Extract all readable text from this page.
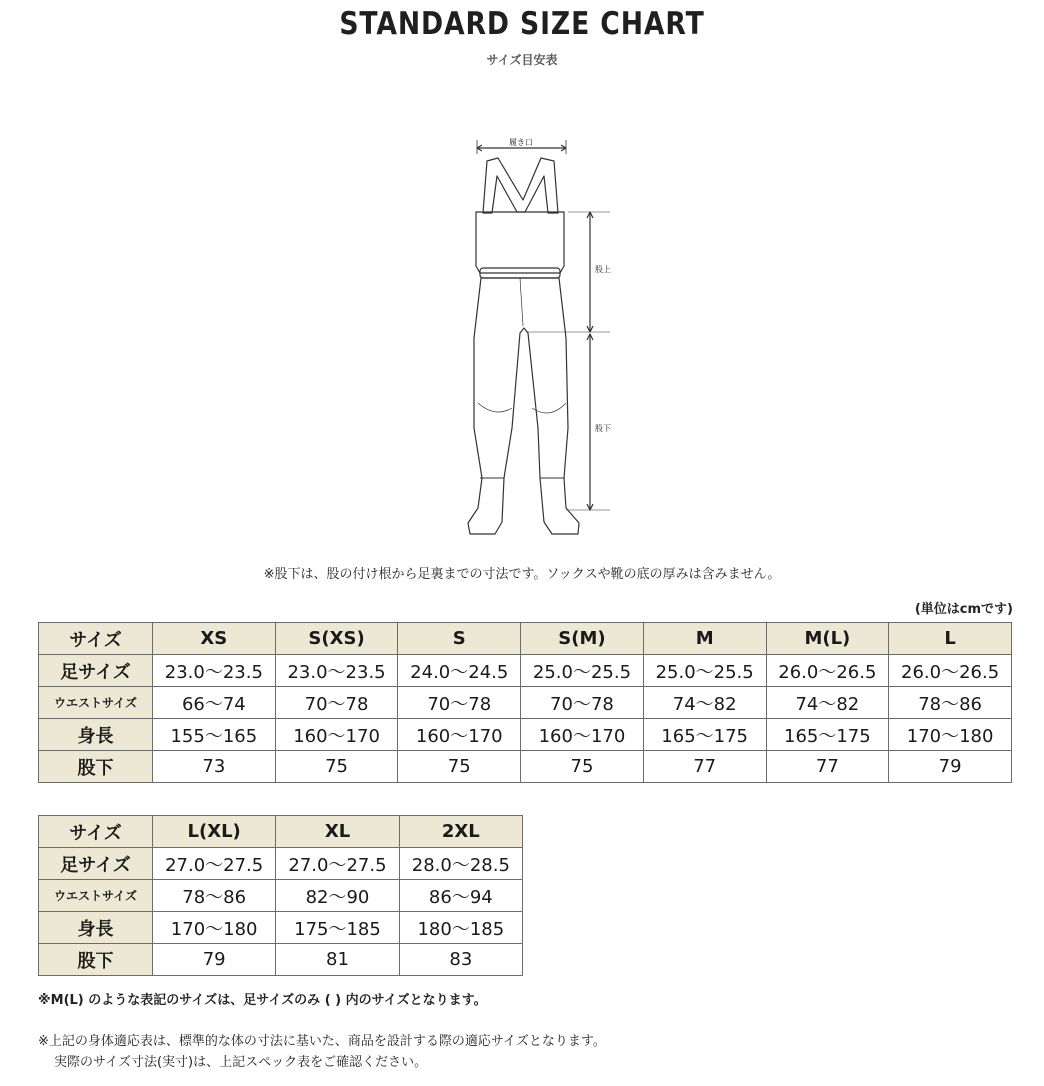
STANDARD SIZE CHART
サイズ目安表
履き口
股上
股下
※股下は、股の付け根から足裏までの寸法です。ソックスや靴の底の厚みは含みません。
(単位はcmです)
サイズ	XS	S(XS)	S	S(M)	M	M(L)	L
足サイズ	23.0〜23.5	23.0〜23.5	24.0〜24.5	25.0〜25.5	25.0〜25.5	26.0〜26.5	26.0〜26.5
ウエストサイズ	66〜74	70〜78	70〜78	70〜78	74〜82	74〜82	78〜86
身長	155〜165	160〜170	160〜170	160〜170	165〜175	165〜175	170〜180
股下	73	75	75	75	77	77	79
サイズ	L(XL)	XL	2XL
足サイズ	27.0〜27.5	27.0〜27.5	28.0〜28.5
ウエストサイズ	78〜86	82〜90	86〜94
身長	170〜180	175〜185	180〜185
股下	79	81	83
※M(L) のような表記のサイズは、足サイズのみ ( ) 内のサイズとなります。
※上記の身体適応表は、標準的な体の寸法に基いた、商品を設計する際の適応サイズとなります。
実際のサイズ寸法(実寸)は、上記スペック表をご確認ください。
